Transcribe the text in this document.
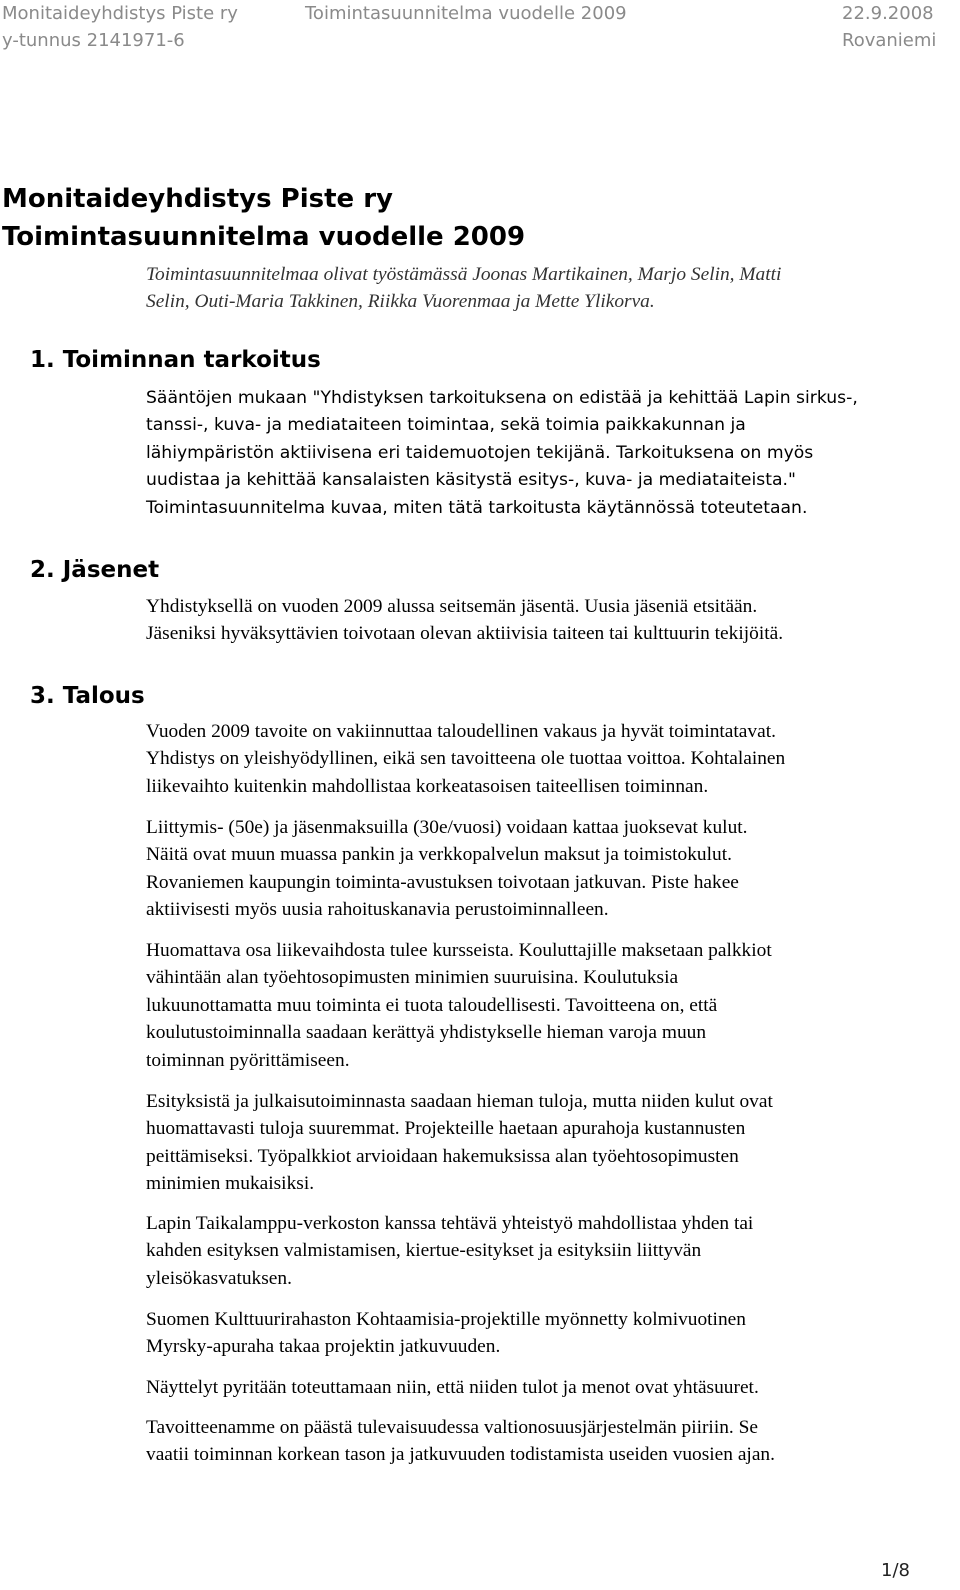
Monitaideyhdistys Piste ry
y-tunnus 2141971-6
Toimintasuunnitelma vuodelle 2009	22.9.2008
Rovaniemi
Monitaideyhdistys Piste ry
Toimintasuunnitelma vuodelle 2009
Toimintasuunnitelmaa olivat työstämässä Joonas Martikainen, Marjo Selin, Matti
Selin, Outi-Maria Takkinen, Riikka Vuorenmaa ja Mette Ylikorva.
1. Toiminnan tarkoitus
Sääntöjen mukaan "Yhdistyksen tarkoituksena on edistää ja kehittää Lapin sirkus-,
tanssi-, kuva- ja mediataiteen toimintaa, sekä toimia paikkakunnan ja
lähiympäristön aktiivisena eri taidemuotojen tekijänä. Tarkoituksena on myös
uudistaa ja kehittää kansalaisten käsitystä esitys-, kuva- ja mediataiteista."
Toimintasuunnitelma kuvaa, miten tätä tarkoitusta käytännössä toteutetaan.
2. Jäsenet
Yhdistyksellä on vuoden 2009 alussa seitsemän jäsentä. Uusia jäseniä etsitään.
Jäseniksi hyväksyttävien toivotaan olevan aktiivisia taiteen tai kulttuurin tekijöitä.
3. Talous
Vuoden 2009 tavoite on vakiinnuttaa taloudellinen vakaus ja hyvät toimintatavat.
Yhdistys on yleishyödyllinen, eikä sen tavoitteena ole tuottaa voittoa. Kohtalainen
liikevaihto kuitenkin mahdollistaa korkeatasoisen taiteellisen toiminnan.
Liittymis- (50e) ja jäsenmaksuilla (30e/vuosi) voidaan kattaa juoksevat kulut.
Näitä ovat muun muassa pankin ja verkkopalvelun maksut ja toimistokulut.
Rovaniemen kaupungin toiminta-avustuksen toivotaan jatkuvan. Piste hakee
aktiivisesti myös uusia rahoituskanavia perustoiminnalleen.
Huomattava osa liikevaihdosta tulee kursseista. Kouluttajille maksetaan palkkiot
vähintään alan työehtosopimusten minimien suuruisina. Koulutuksia
lukuunottamatta muu toiminta ei tuota taloudellisesti. Tavoitteena on, että
koulutustoiminnalla saadaan kerättyä yhdistykselle hieman varoja muun
toiminnan pyörittämiseen.
Esityksistä ja julkaisutoiminnasta saadaan hieman tuloja, mutta niiden kulut ovat
huomattavasti tuloja suuremmat. Projekteille haetaan apurahoja kustannusten
peittämiseksi. Työpalkkiot arvioidaan hakemuksissa alan työehtosopimusten
minimien mukaisiksi.
Lapin Taikalamppu-verkoston kanssa tehtävä yhteistyö mahdollistaa yhden tai
kahden esityksen valmistamisen, kiertue-esitykset ja esityksiin liittyvän
yleisökasvatuksen.
Suomen Kulttuurirahaston Kohtaamisia-projektille myönnetty kolmivuotinen
Myrsky-apuraha takaa projektin jatkuvuuden.
Näyttelyt pyritään toteuttamaan niin, että niiden tulot ja menot ovat yhtäsuuret.
Tavoitteenamme on päästä tulevaisuudessa valtionosuusjärjestelmän piiriin. Se
vaatii toiminnan korkean tason ja jatkuvuuden todistamista useiden vuosien ajan.
1/8
